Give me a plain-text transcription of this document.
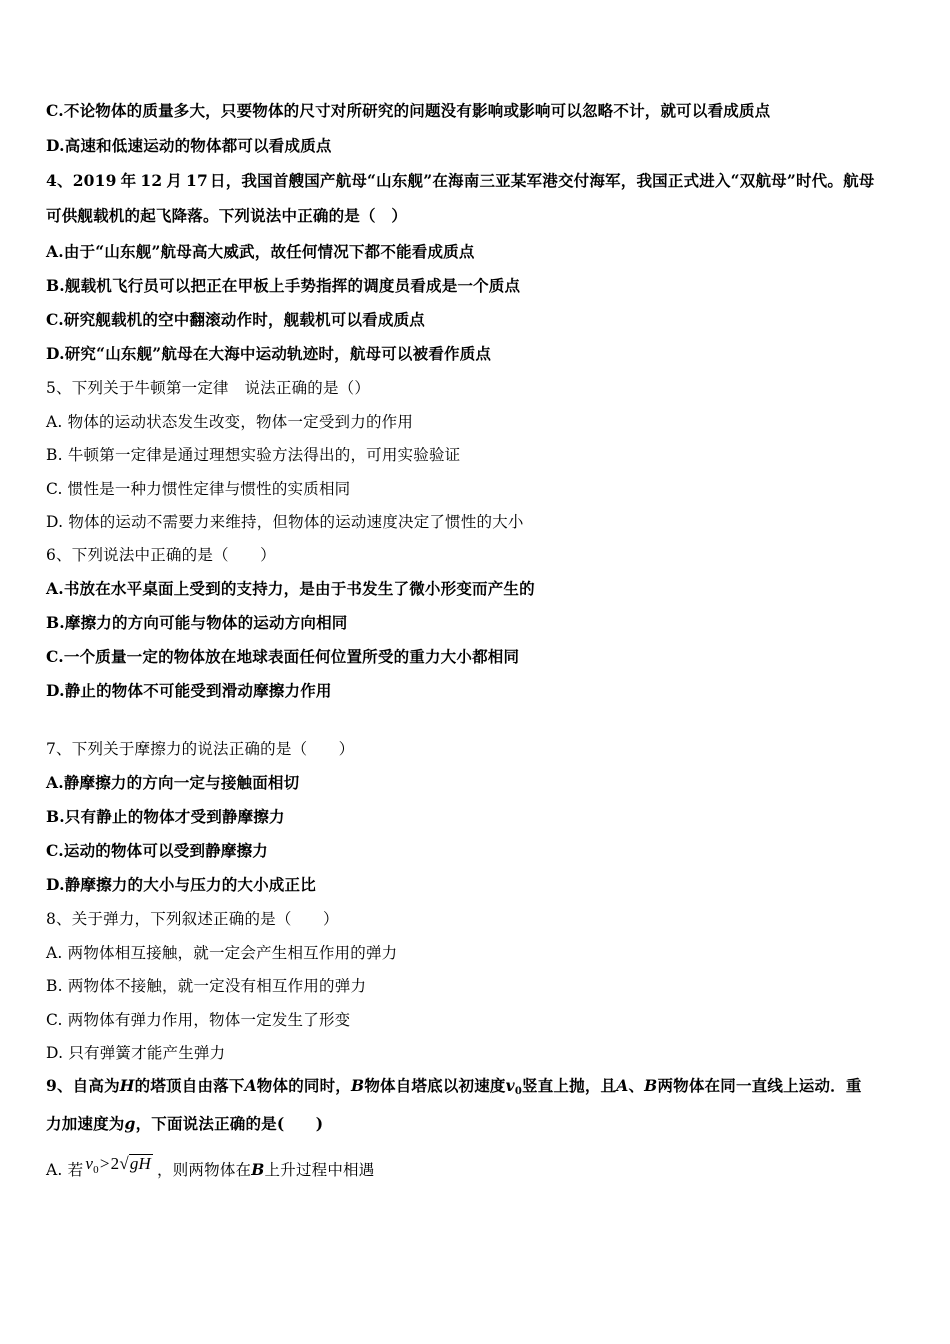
C.不论物体的质量多大，只要物体的尺寸对所研究的问题没有影响或影响可以忽略不计，就可以看成质点
D.高速和低速运动的物体都可以看成质点
4、2019 年 12 月 17 日，我国首艘国产航母“山东舰”在海南三亚某军港交付海军，我国正式进入“双航母”时代。航母
可供舰载机的起飞降落。下列说法中正确的是（　）
A.由于“山东舰”航母高大威武，故任何情况下都不能看成质点
B.舰载机飞行员可以把正在甲板上手势指挥的调度员看成是一个质点
C.研究舰载机的空中翻滚动作时，舰载机可以看成质点
D.研究“山东舰”航母在大海中运动轨迹时，航母可以被看作质点
5、下列关于牛顿第一定律　说法正确的是（）
A. 物体的运动状态发生改变，物体一定受到力的作用
B. 牛顿第一定律是通过理想实验方法得出的，可用实验验证
C. 惯性是一种力惯性定律与惯性的实质相同
D. 物体的运动不需要力来维持，但物体的运动速度决定了惯性的大小
6、下列说法中正确的是（　　）
A.书放在水平桌面上受到的支持力，是由于书发生了微小形变而产生的
B.摩擦力的方向可能与物体的运动方向相同
C.一个质量一定的物体放在地球表面任何位置所受的重力大小都相同
D.静止的物体不可能受到滑动摩擦力作用
7、下列关于摩擦力的说法正确的是（　　）
A.静摩擦力的方向一定与接触面相切
B.只有静止的物体才受到静摩擦力
C.运动的物体可以受到静摩擦力
D.静摩擦力的大小与压力的大小成正比
8、关于弹力，下列叙述正确的是（　　）
A. 两物体相互接触，就一定会产生相互作用的弹力
B. 两物体不接触，就一定没有相互作用的弹力
C. 两物体有弹力作用，物体一定发生了形变
D. 只有弹簧才能产生弹力
9、自高为H的塔顶自由落下A物体的同时，B物体自塔底以初速度$v_0$竖直上抛，且A、B两物体在同一直线上运动．重
力加速度为g，下面说法正确的是(　　)
A. 若 $v_0>2√gH$ ，则两物体在B上升过程中相遇
